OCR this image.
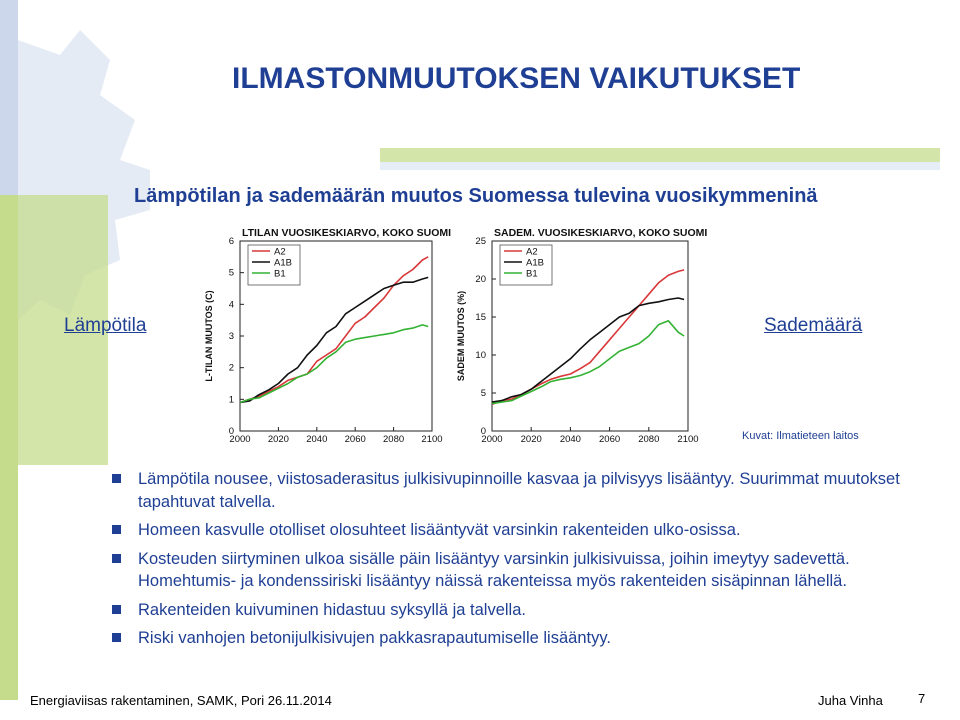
ILMASTONMUUTOKSEN VAIKUTUKSET
Lämpötilan ja sademäärän muutos Suomessa tulevina vuosikymmeninä
Lämpötila	Sademäärä
LTILAN VUOSIKESKIARVO, KOKO SUOMI
L-TILAN MUUTOS (C)
2000 2020 2040 2060 2080 2100
0
1
2
3
4
5
6
A2
A1B
B1
SADEM. VUOSIKESKIARVO, KOKO SUOMI
SADEM MUUTOS (%)
2000 2020 2040 2060 2080 2100
0
5
10
15
20
25
A2
A1B
B1
Kuvat: Ilmatieteen laitos
Lämpötila nousee, viistosaderasitus julkisivupinnoille kasvaa ja pilvisyys lisääntyy. Suurimmat muutokset tapahtuvat talvella.
Homeen kasvulle otolliset olosuhteet lisääntyvät varsinkin rakenteiden ulko-osissa.
Kosteuden siirtyminen ulkoa sisälle päin lisääntyy varsinkin julkisivuissa, joihin imeytyy sadevettä. Homehtumis- ja kondenssiriski lisääntyy näissä rakenteissa myös rakenteiden sisäpinnan lähellä.
Rakenteiden kuivuminen hidastuu syksyllä ja talvella.
Riski vanhojen betonijulkisivujen pakkasrapautumiselle lisääntyy.
Energiaviisas rakentaminen, SAMK, Pori 26.11.2014	Juha Vinha	7
